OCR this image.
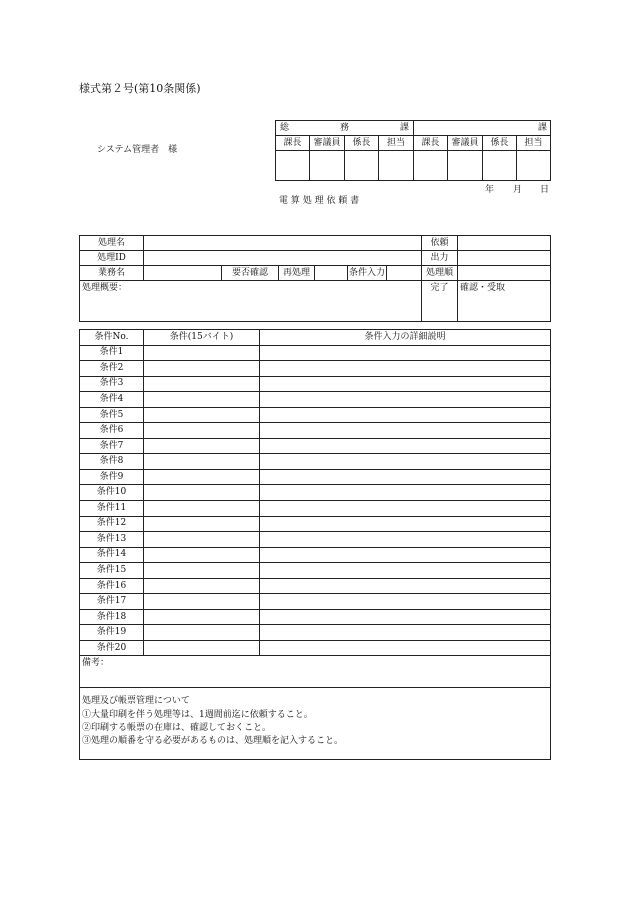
様式第２号(第10条関係)
システム管理者　様
総 務 課				課			

課長	審議員	係長	担当	課長	審議員	係長	担当

年 月 日
電 算 処 理 依 頼 書
処理名							依頼	
処理ID							出力	
業務名		要否確認	再処理		条件入力		処理順	
処理概要：							完了	確認・受取
条件No.	条件(15バイト)	条件入力の詳細説明
条件1		
条件2		
条件3		
条件4		
条件5		
条件6		
条件7		
条件8		
条件9		
条件10		
条件11		
条件12		
条件13		
条件14		
条件15		
条件16		
条件17		
条件18		
条件19		
条件20		
備考：		

処理及び帳票管理について
①大量印刷を伴う処理等は、1週間前迄に依頼すること。
②印刷する帳票の在庫は、確認しておくこと。
③処理の順番を守る必要があるものは、処理順を記入すること。		
